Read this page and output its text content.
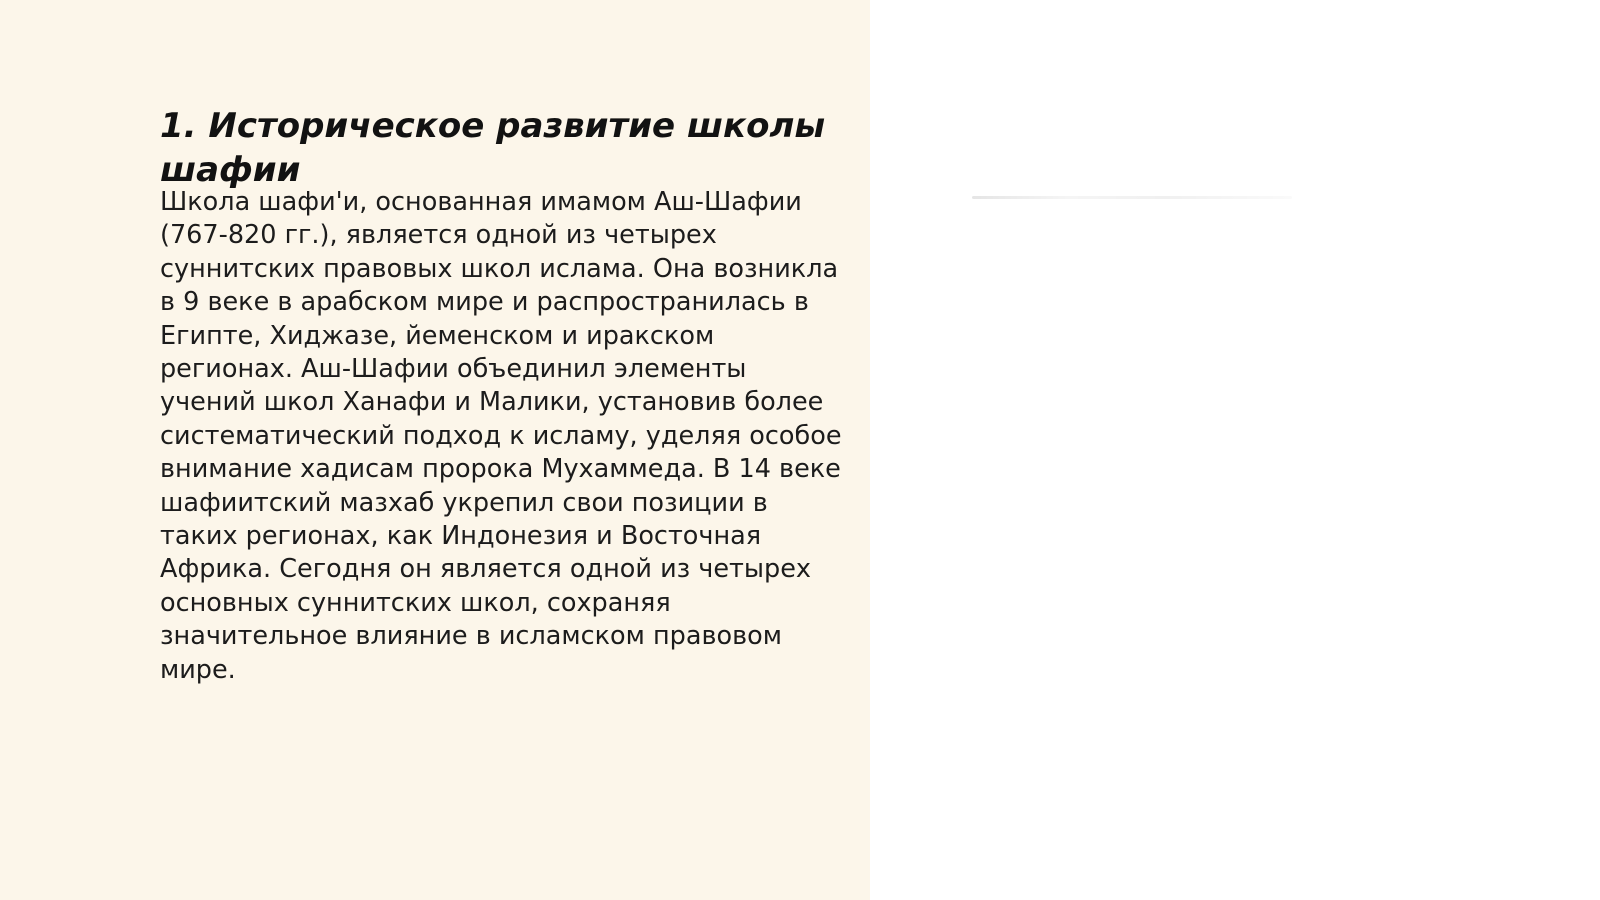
1. Историческое развитие школы шафии

Школа шафи'и, основанная имамом Аш-Шафии (767-820 гг.), является одной из четырех суннитских правовых школ ислама. Она возникла в 9 веке в арабском мире и распространилась в Египте, Хиджазе, йеменском и иракском регионах. Аш-Шафии объединил элементы учений школ Ханафи и Малики, установив более систематический подход к исламу, уделяя особое внимание хадисам пророка Мухаммеда. В 14 веке шафиитский мазхаб укрепил свои позиции в таких регионах, как Индонезия и Восточная Африка. Сегодня он является одной из четырех основных суннитских школ, сохраняя значительное влияние в исламском правовом мире.
